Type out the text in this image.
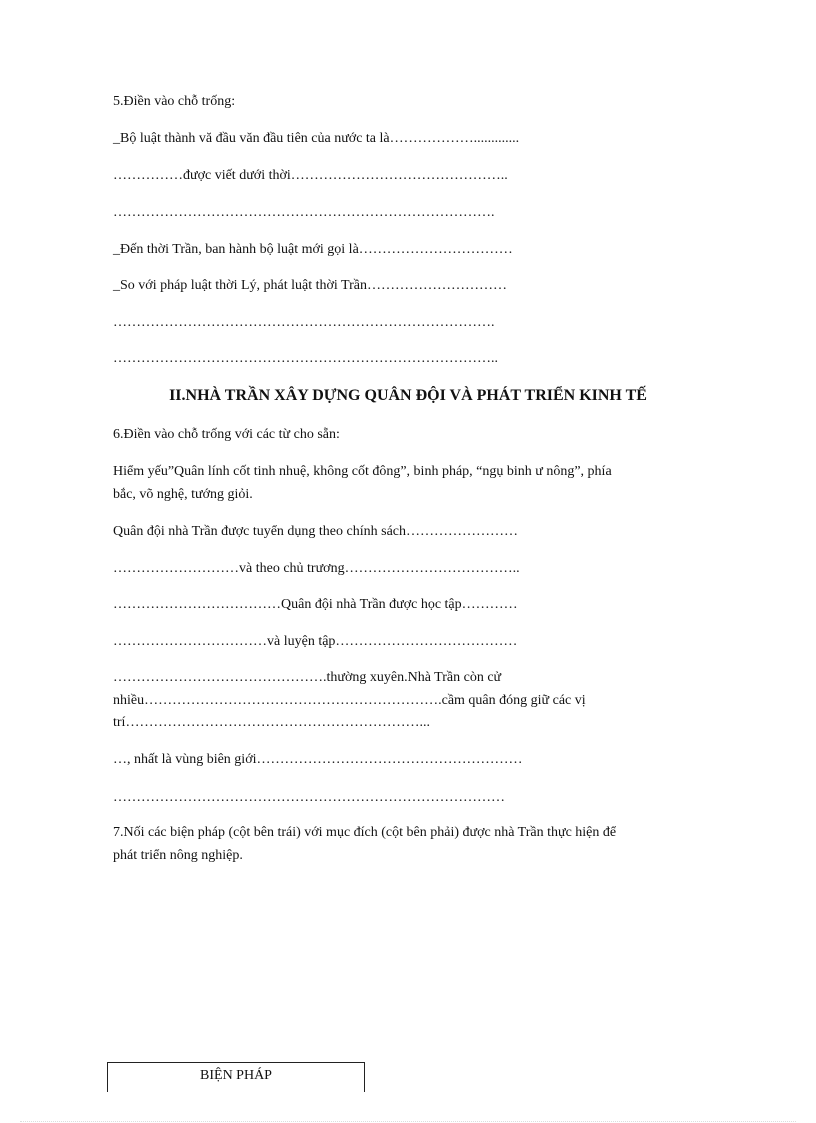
5.Điền vào chỗ trống:
_Bộ luật thành vă đầu văn đầu tiên của nước ta là……………….............
……………được viết dưới thời………………………………………..
……………………………………………………………………….
_Đến thời Trần, ban hành bộ luật mới gọi là……………………………
_So với pháp luật thời Lý, phát luật thời Trần…………………………
……………………………………………………………………….
………………………………………………………………………..
II.NHÀ TRẦN XÂY DỰNG QUÂN ĐỘI VÀ PHÁT TRIỂN KINH TẾ
6.Điền vào chỗ trống với các từ cho sẵn:
Hiểm yếu”Quân lính cốt tinh nhuệ, không cốt đông”, binh pháp, “ngụ binh ư nông”, phía
bắc, võ nghệ, tướng giỏi.
Quân đội nhà Trần được tuyển dụng theo chính sách……………………
………………………và theo chủ trương………………………………..
………………………………Quân đội nhà Trần được học tập…………
……………………………và luyện tập…………………………………
……………………………………….thường xuyên.Nhà Trần còn cử
nhiều……………………………………………………….cầm quân đóng giữ các vị
trí………………………………………………………...
…, nhất là vùng biên giới…………………………………………………
…………………………………………………………………………
7.Nối các biện pháp (cột bên trái) với mục đích (cột bên phải) được nhà Trần thực hiện để
phát triển nông nghiệp.
BIỆN PHÁP
